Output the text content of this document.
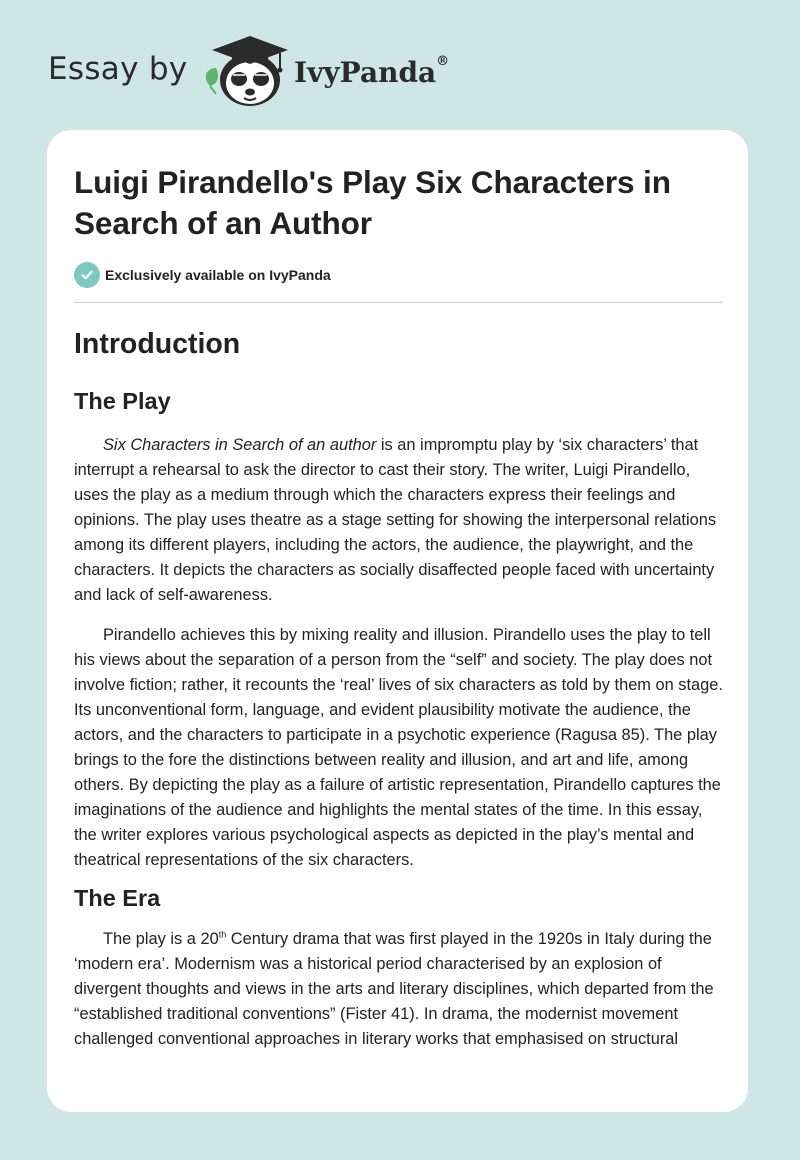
Essay by	IvyPanda®
Luigi Pirandello's Play Six Characters in Search of an Author
Exclusively available on IvyPanda
Introduction
The Play

Six Characters in Search of an author is an impromptu play by ‘six characters’ that interrupt a rehearsal to ask the director to cast their story. The writer, Luigi Pirandello, uses the play as a medium through which the characters express their feelings and opinions. The play uses theatre as a stage setting for showing the interpersonal relations among its different players, including the actors, the audience, the playwright, and the characters. It depicts the characters as socially disaffected people faced with uncertainty and lack of self-awareness.

Pirandello achieves this by mixing reality and illusion. Pirandello uses the play to tell his views about the separation of a person from the “self” and society. The play does not involve fiction; rather, it recounts the ‘real’ lives of six characters as told by them on stage. Its unconventional form, language, and evident plausibility motivate the audience, the actors, and the characters to participate in a psychotic experience (Ragusa 85). The play brings to the fore the distinctions between reality and illusion, and art and life, among others. By depicting the play as a failure of artistic representation, Pirandello captures the imaginations of the audience and highlights the mental states of the time. In this essay, the writer explores various psychological aspects as depicted in the play’s mental and theatrical representations of the six characters.

The Era

The play is a 20th Century drama that was first played in the 1920s in Italy during the ‘modern era’. Modernism was a historical period characterised by an explosion of divergent thoughts and views in the arts and literary disciplines, which departed from the “established traditional conventions” (Fister 41). In drama, the modernist movement challenged conventional approaches in literary works that emphasised on structural
